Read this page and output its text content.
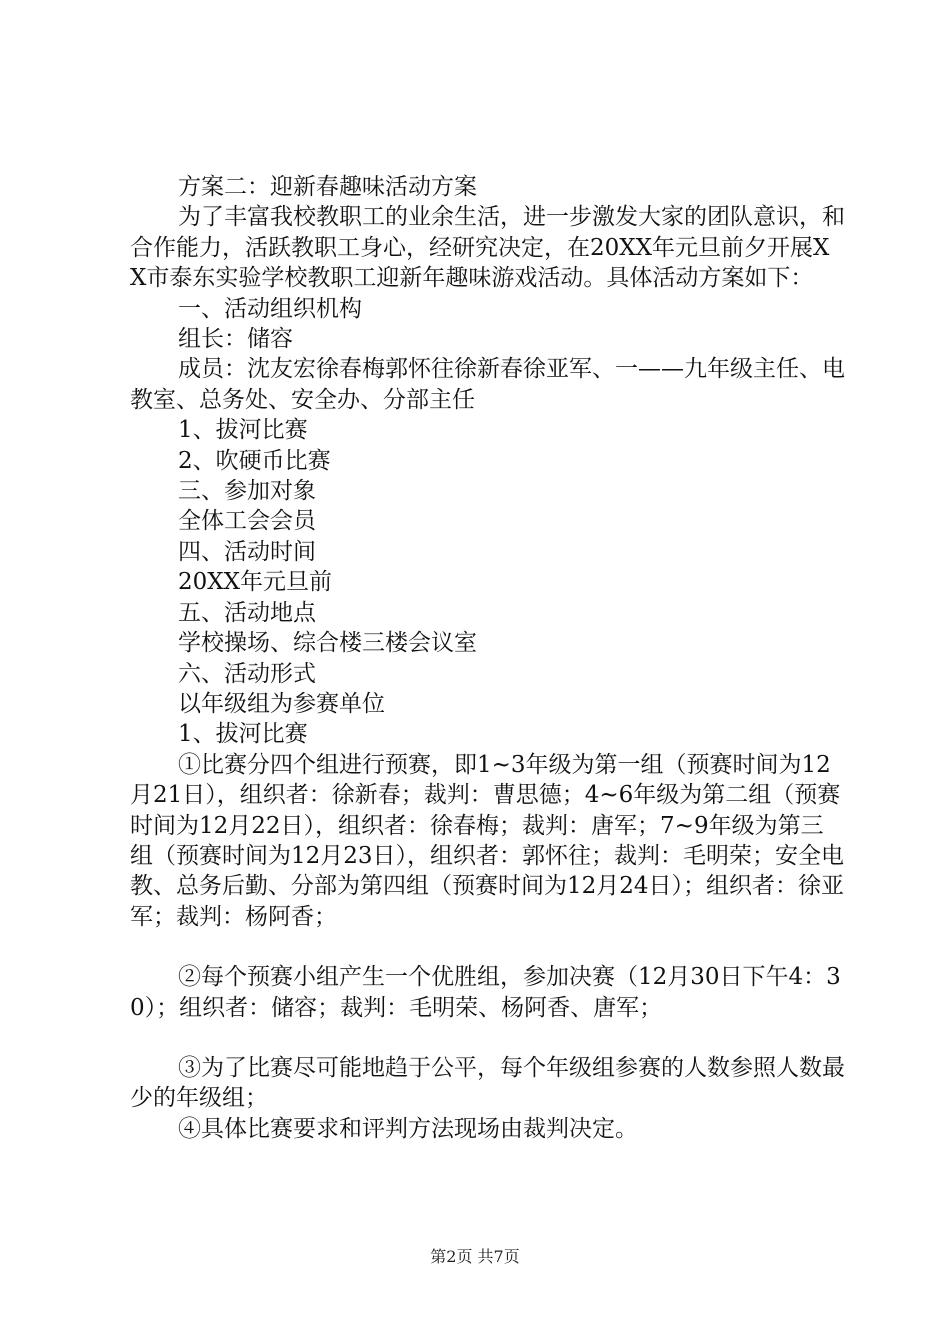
方案二：迎新春趣味活动方案

为了丰富我校教职工的业余生活，进一步激发大家的团队意识，和合作能力，活跃教职工身心，经研究决定，在20XX年元旦前夕开展XX市泰东实验学校教职工迎新年趣味游戏活动。具体活动方案如下：

一、活动组织机构

组长：储容

成员：沈友宏徐春梅郭怀往徐新春徐亚军、一——九年级主任、电教室、总务处、安全办、分部主任

1、拔河比赛

2、吹硬币比赛

三、参加对象

全体工会会员

四、活动时间

20XX年元旦前

五、活动地点

学校操场、综合楼三楼会议室

六、活动形式

以年级组为参赛单位

1、拔河比赛

①比赛分四个组进行预赛，即1~3年级为第一组（预赛时间为12月21日），组织者：徐新春；裁判：曹思德；4~6年级为第二组（预赛时间为12月22日），组织者：徐春梅；裁判：唐军；7~9年级为第三组（预赛时间为12月23日），组织者：郭怀往；裁判：毛明荣；安全电教、总务后勤、分部为第四组（预赛时间为12月24日）；组织者：徐亚军；裁判：杨阿香；

②每个预赛小组产生一个优胜组，参加决赛（12月30日下午4：30）；组织者：储容；裁判：毛明荣、杨阿香、唐军；

③为了比赛尽可能地趋于公平，每个年级组参赛的人数参照人数最少的年级组；

④具体比赛要求和评判方法现场由裁判决定。

第2页 共7页
